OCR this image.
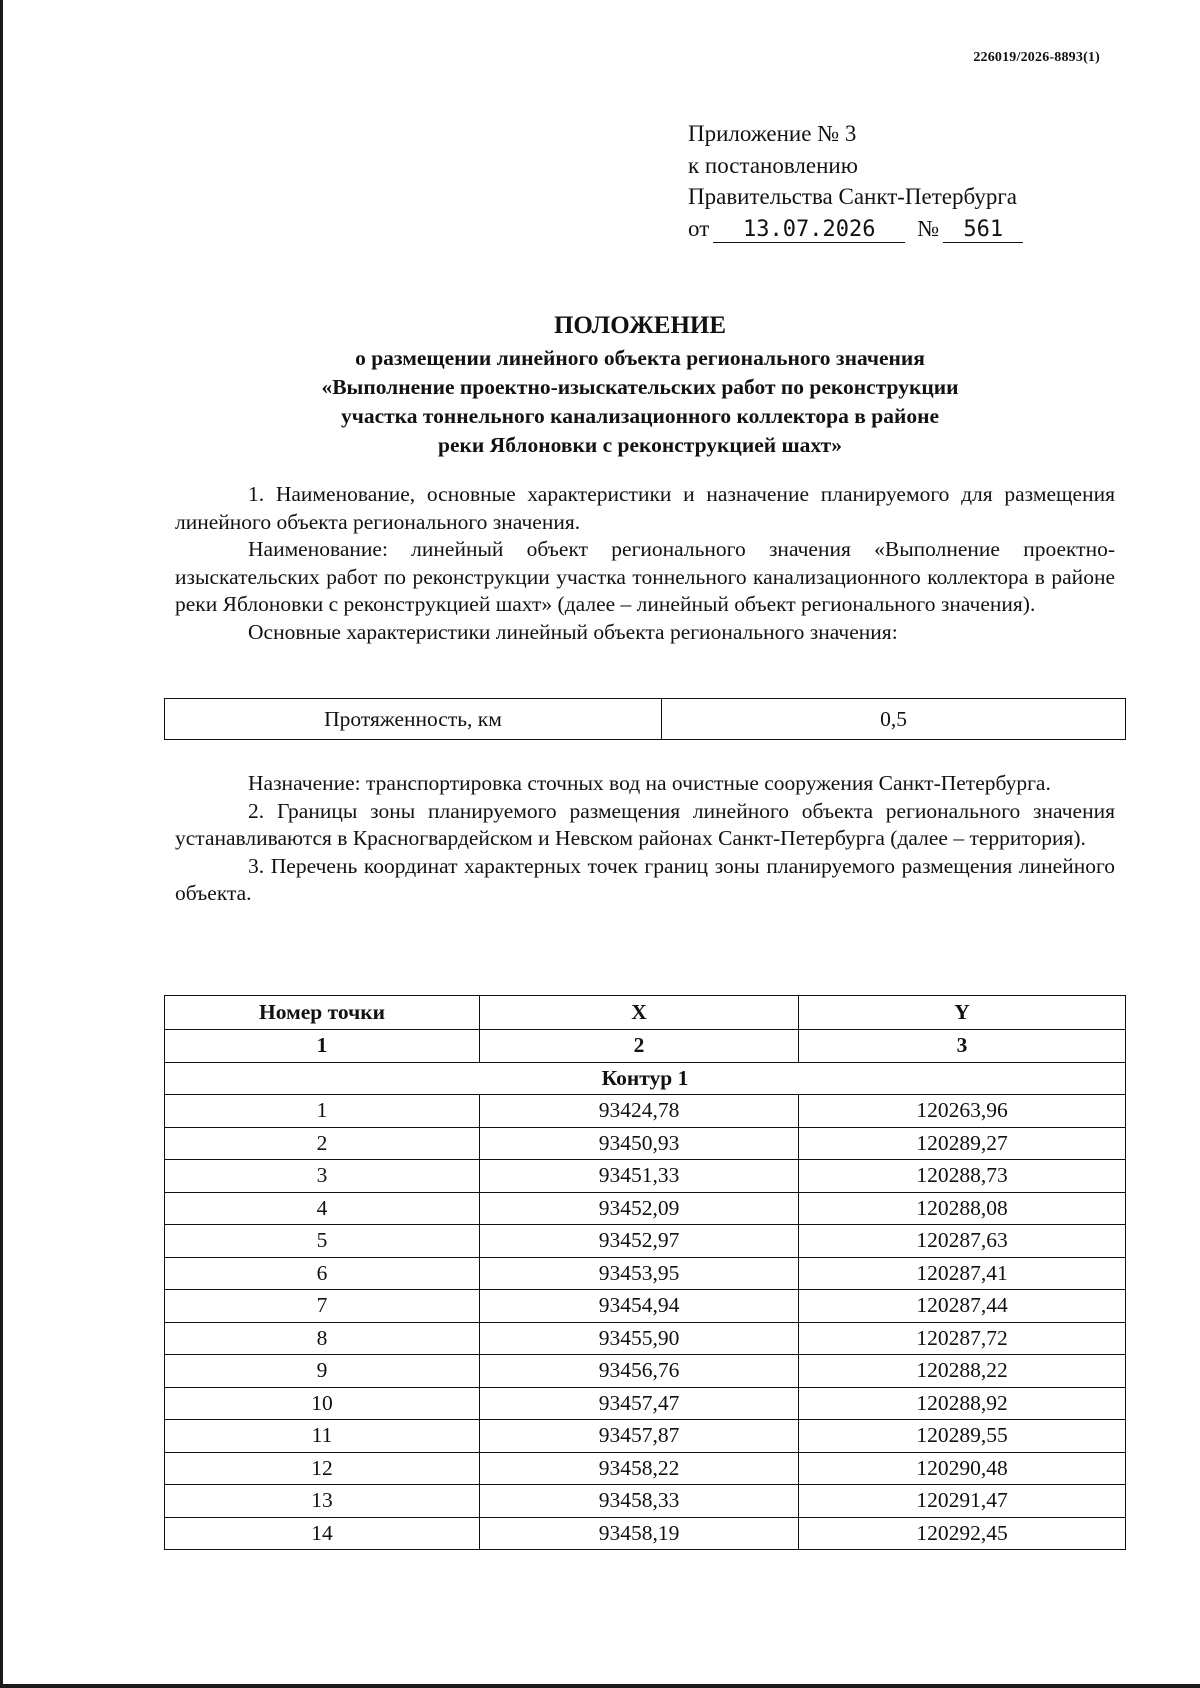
226019/2026-8893(1)
Приложение № 3
к постановлению
Правительства Санкт-Петербурга
от 13.07.2026 № 561
ПОЛОЖЕНИЕ
о размещении линейного объекта регионального значения
«Выполнение проектно-изыскательских работ по реконструкции
участка тоннельного канализационного коллектора в районе
реки Яблоновки с реконструкцией шахт»

1. Наименование, основные характеристики и назначение планируемого для размещения линейного объекта регионального значения.

Наименование: линейный объект регионального значения «Выполнение проектно-изыскательских работ по реконструкции участка тоннельного канализационного коллектора в районе реки Яблоновки с реконструкцией шахт» (далее – линейный объект регионального значения).

Основные характеристики линейный объекта регионального значения:

Протяженность, км	0,5

Назначение: транспортировка сточных вод на очистные сооружения Санкт-Петербурга.

2. Границы зоны планируемого размещения линейного объекта регионального значения устанавливаются в Красногвардейском и Невском районах Санкт-Петербурга (далее – территория).

3. Перечень координат характерных точек границ зоны планируемого размещения линейного объекта.

Номер точки	X	Y
1	2	3
Контур 1		
1	93424,78	120263,96
2	93450,93	120289,27
3	93451,33	120288,73
4	93452,09	120288,08
5	93452,97	120287,63
6	93453,95	120287,41
7	93454,94	120287,44
8	93455,90	120287,72
9	93456,76	120288,22
10	93457,47	120288,92
11	93457,87	120289,55
12	93458,22	120290,48
13	93458,33	120291,47
14	93458,19	120292,45
